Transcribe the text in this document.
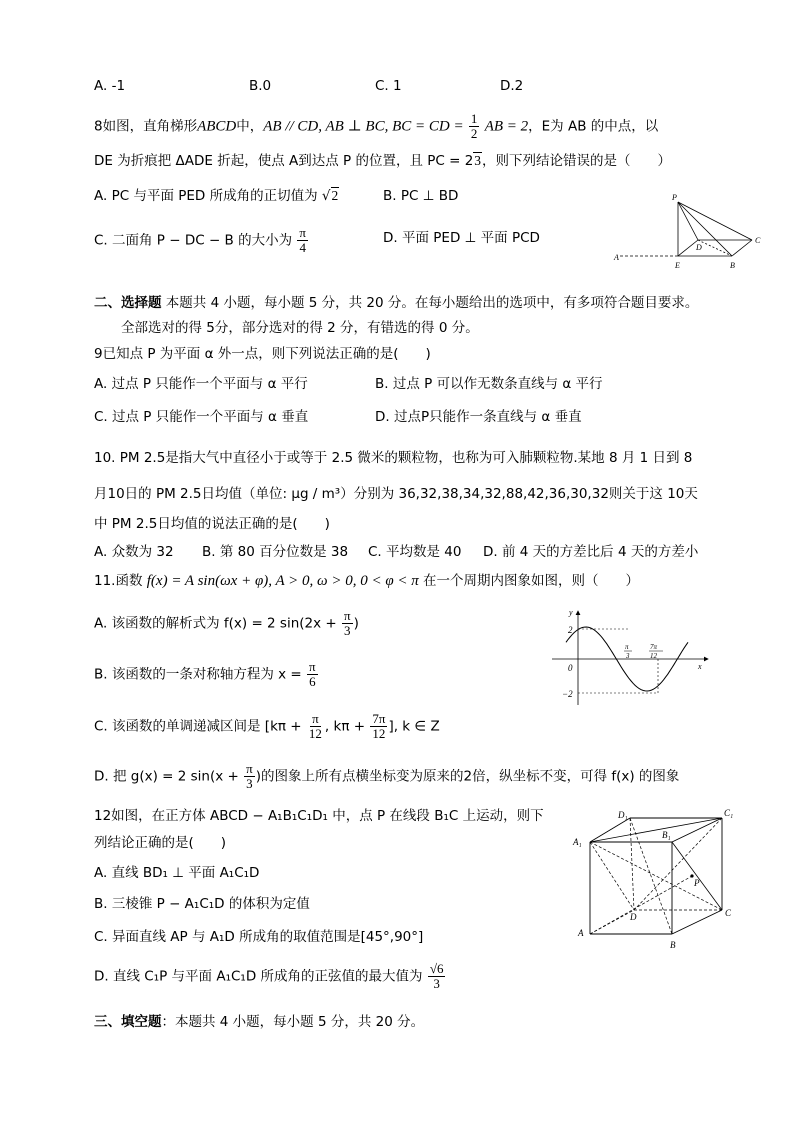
A. -1	B.0	C. 1	D.2
8如图，直角梯形ABCD中，AB // CD, AB ⊥ BC, BC = CD = $\frac{1}{2}$ AB = 2，E为 AB 的中点，以
DE 为折痕把 ΔADE 折起，使点 A到达点 P 的位置，且 PC = 23，则下列结论错误的是（　　）
A. PC 与平面 PED 所成角的正切值为 √2	B. PC ⊥ BD
C. 二面角 P − DC − B 的大小为 $\frac{\pi}{4}$	D. 平面 PED ⊥ 平面 PCD
P
A
E	B
C
D
二、选择题 本题共 4 小题，每小题 5 分，共 20 分。在每小题给出的选项中，有多项符合题目要求。
全部选对的得 5分，部分选对的得 2 分，有错选的得 0 分。
9已知点 P 为平面 α 外一点，则下列说法正确的是(　　)
A. 过点 P 只能作一个平面与 α 平行	B. 过点 P 可以作无数条直线与 α 平行
C. 过点 P 只能作一个平面与 α 垂直	D. 过点P只能作一条直线与 α 垂直
10. PM 2.5是指大气中直径小于或等于 2.5 微米的颗粒物，也称为可入肺颗粒物.某地 8 月 1 日到 8
月10日的 PM 2.5日均值（单位: μg / m³）分别为 36,32,38,34,32,88,42,36,30,32则关于这 10天
中 PM 2.5日均值的说法正确的是(　　)
A. 众数为 32 B. 第 80 百分位数是 38 C. 平均数是 40 D. 前 4 天的方差比后 4 天的方差小
11.函数 f(x) = A sin(ωx + φ), A > 0, ω > 0, 0 < φ < π 在一个周期内图象如图，则（　　）
A. 该函数的解析式为 f(x) = 2 $\sin(2x + \frac{\pi}{3}$ )
B. 该函数的一条对称轴方程为 $x = \frac{\pi}{6}$
C. 该函数的单调递减区间是 [$k\pi + \frac{\pi}{12}$ , $k\pi + \frac{7\pi}{12}$ ], k ∈ Z
D. 把 g(x) = 2 $\sin(x + \frac{\pi}{3}$ )的图象上所有点横坐标变为原来的2倍，纵坐标不变，可得 f(x) 的图象
y
x
0
2
−2
π
3
7π
12
12如图，在正方体 ABCD − A₁B₁C₁D₁ 中，点 P 在线段 B₁C 上运动，则下
列结论正确的是(　　)
A. 直线 BD₁ ⊥ 平面 A₁C₁D
B. 三棱锥 P − A₁C₁D 的体积为定值
C. 异面直线 AP 与 A₁D 所成角的取值范围是[45°,90°]
D. 直线 C₁P 与平面 A₁C₁D 所成角的正弦值的最大值为 $\frac{√6}{3}$
D₁	C₁
A₁
B₁
P
D	C
A
B
三、填空题：本题共 4 小题，每小题 5 分，共 20 分。
